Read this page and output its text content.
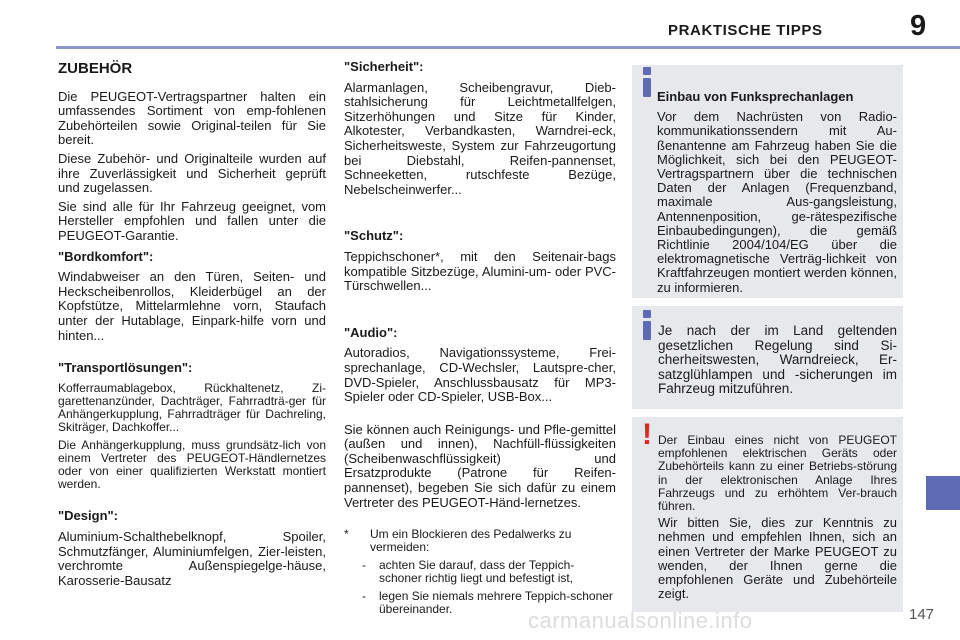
PRAKTISCHE TIPPS	9
ZUBEHÖR

Die PEUGEOT-Vertragspartner halten ein umfassendes Sortiment von emp-fohlenen Zubehörteilen sowie Original-teilen für Sie bereit.

Diese Zubehör- und Originalteile wurden auf ihre Zuverlässigkeit und Sicherheit geprüft und zugelassen.

Sie sind alle für Ihr Fahrzeug geeignet, vom Hersteller empfohlen und fallen unter die PEUGEOT-Garantie.

"Bordkomfort":

Windabweiser an den Türen, Seiten- und Heckscheibenrollos, Kleiderbügel an der Kopfstütze, Mittelarmlehne vorn, Staufach unter der Hutablage, Einpark-hilfe vorn und hinten...

"Transportlösungen":

Kofferraumablagebox, Rückhaltenetz, Zi-garettenanzünder, Dachträger, Fahrradträ-ger für Anhängerkupplung, Fahrradträger für Dachreling, Skiträger, Dachkoffer...

Die Anhängerkupplung, muss grundsätz-lich von einem Vertreter des PEUGEOT-Händlernetzes oder von einer qualifizierten Werkstatt montiert werden.

"Design":

Aluminium-Schalthebelknopf, Spoiler, Schmutzfänger, Aluminiumfelgen, Zier-leisten, verchromte Außenspiegelge-häuse, Karosserie-Bausatz

"Sicherheit":

Alarmanlagen, Scheibengravur, Dieb-stahlsicherung für Leichtmetallfelgen, Sitzerhöhungen und Sitze für Kinder, Alkotester, Verbandkasten, Warndrei-eck, Sicherheitsweste, System zur Fahrzeugortung bei Diebstahl, Reifen-pannenset, Schneeketten, rutschfeste Bezüge, Nebelscheinwerfer...

"Schutz":

Teppichschoner*, mit den Seitenair-bags kompatible Sitzbezüge, Alumini-um- oder PVC-Türschwellen...

"Audio":

Autoradios, Navigationssysteme, Frei-sprechanlage, CD-Wechsler, Lautspre-cher, DVD-Spieler, Anschlussbausatz für MP3-Spieler oder CD-Spieler, USB-Box...

Sie können auch Reinigungs- und Pfle-gemittel (außen und innen), Nachfüll-flüssigkeiten (Scheibenwaschflüssigkeit) und Ersatzprodukte (Patrone für Reifen-pannenset), begeben Sie sich dafür zu einem Vertreter des PEUGEOT-Händ-lernetzes.

*	Um ein Blockieren des Pedalwerks zu vermeiden:
-	achten Sie darauf, dass der Teppich-schoner richtig liegt und befestigt ist,
-	legen Sie niemals mehrere Teppich-schoner übereinander.
Einbau von Funksprechanlagen

Vor dem Nachrüsten von Radio-kommunikationssendern mit Au-ßenantenne am Fahrzeug haben Sie die Möglichkeit, sich bei den PEUGEOT-Vertragspartnern über die technischen Daten der Anlagen (Frequenzband, maximale Aus-gangsleistung, Antennenposition, ge-rätespezifische Einbaubedingungen), die gemäß Richtlinie 2004/104/EG über die elektromagnetische Verträg-lichkeit von Kraftfahrzeugen montiert werden können, zu informieren.

Je nach der im Land geltenden gesetzlichen Regelung sind Si-cherheitswesten, Warndreieck, Er-satzglühlampen und -sicherungen im Fahrzeug mitzuführen.

! Der Einbau eines nicht von PEUGEOT empfohlenen elektrischen Geräts oder Zubehörteils kann zu einer Betriebs-störung in der elektronischen Anlage Ihres Fahrzeugs und zu erhöhtem Ver-brauch führen.

Wir bitten Sie, dies zur Kenntnis zu nehmen und empfehlen Ihnen, sich an einen Vertreter der Marke PEUGEOT zu wenden, der Ihnen gerne die empfohlenen Geräte und Zubehörteile zeigt.

carmanualsonline.info	147
